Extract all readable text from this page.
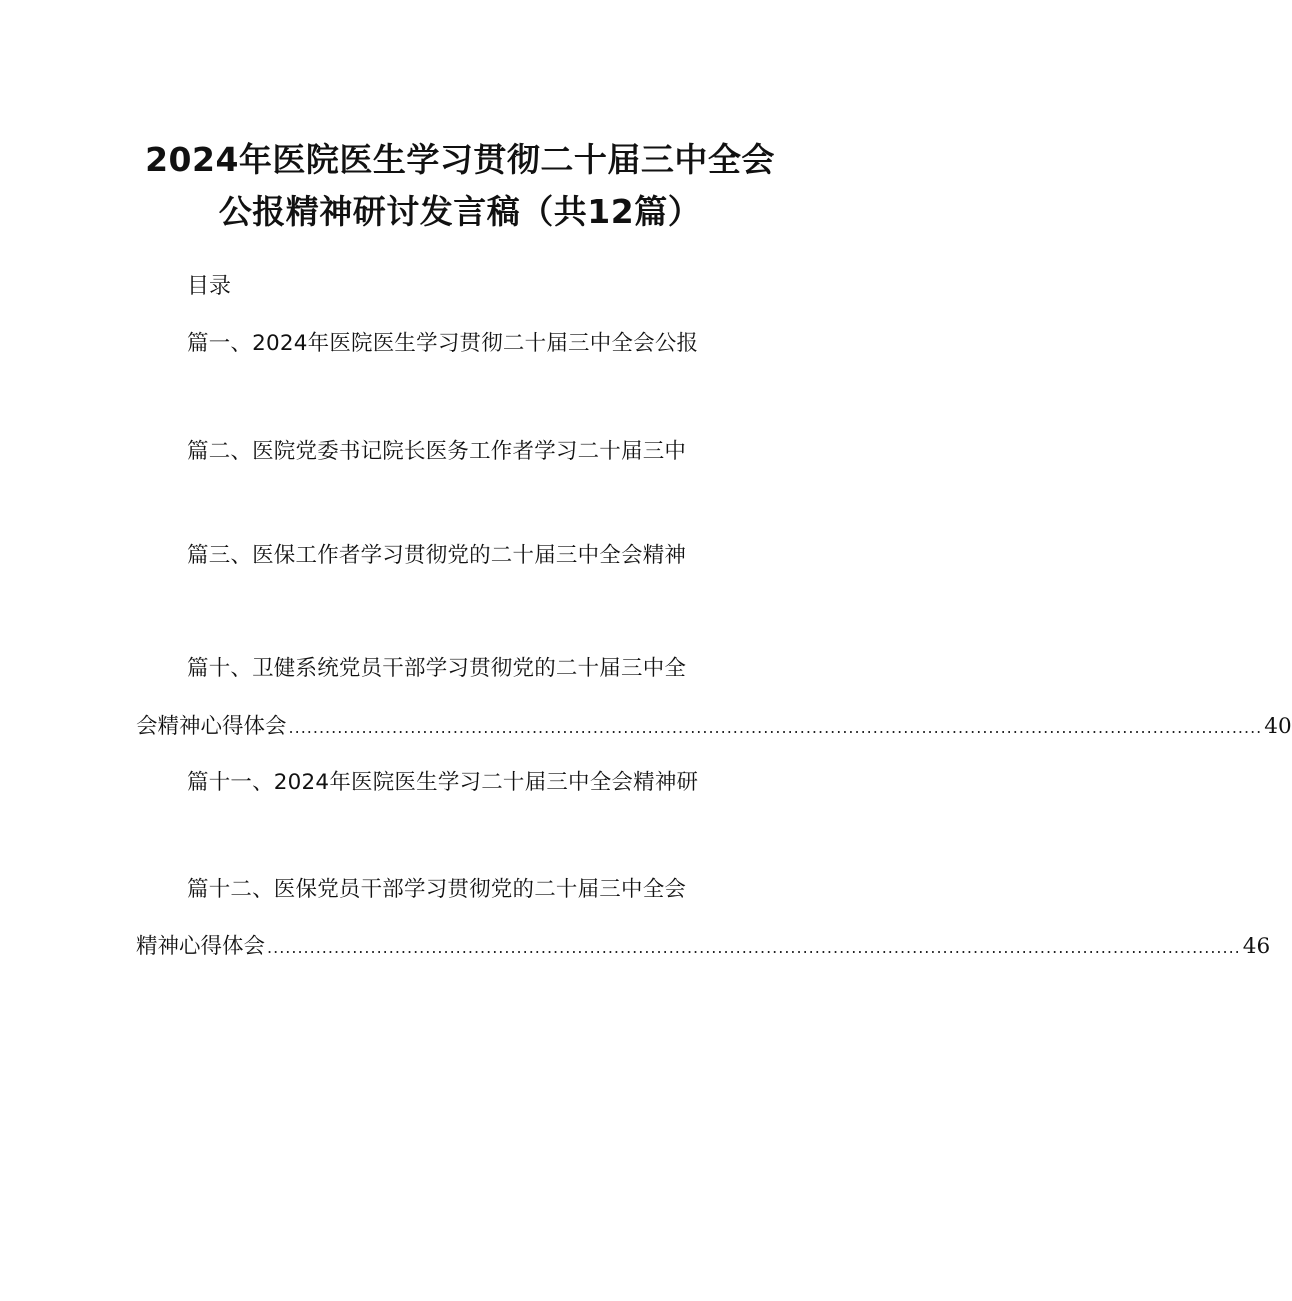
2024年医院医生学习贯彻二十届三中全会
公报精神研讨发言稿（共12篇）
目录
篇一、2024年医院医生学习贯彻二十届三中全会公报
篇二、医院党委书记院长医务工作者学习二十届三中
篇三、医保工作者学习贯彻党的二十届三中全会精神
篇十、卫健系统党员干部学习贯彻党的二十届三中全
会精神心得体会 ................................................................................................................................................................ 40
篇十一、2024年医院医生学习二十届三中全会精神研
篇十二、医保党员干部学习贯彻党的二十届三中全会
精神心得体会 ................................................................................................................................................................ 46
